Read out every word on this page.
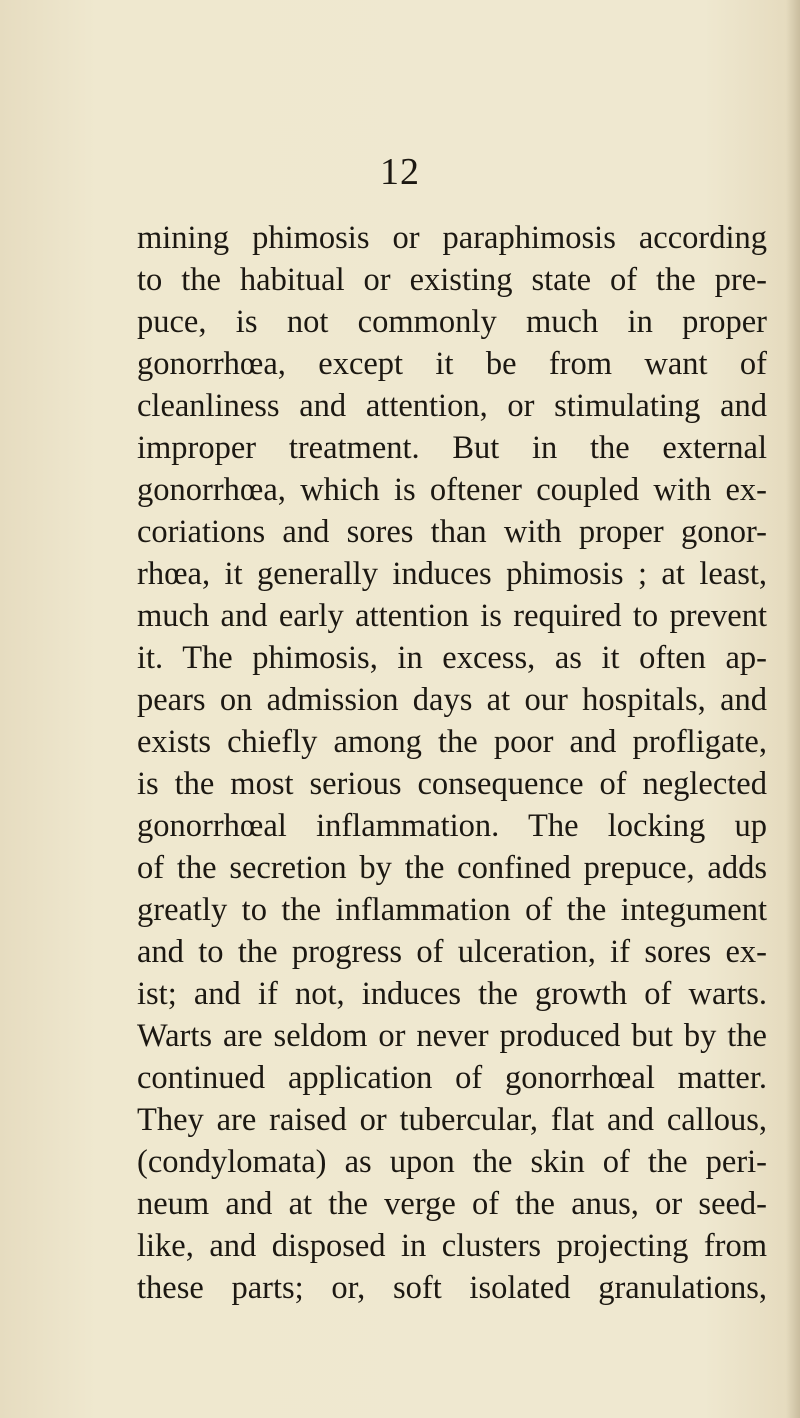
12

mining phimosis or paraphimosis according
to the habitual or existing state of the pre-
puce, is not commonly much in proper
gonorrhœa, except it be from want of
cleanliness and attention, or stimulating and
improper treatment. But in the external
gonorrhœa, which is oftener coupled with ex-
coriations and sores than with proper gonor-
rhœa, it generally induces phimosis ; at least,
much and early attention is required to prevent
it. The phimosis, in excess, as it often ap-
pears on admission days at our hospitals, and
exists chiefly among the poor and profligate,
is the most serious consequence of neglected
gonorrhœal inflammation. The locking up
of the secretion by the confined prepuce, adds
greatly to the inflammation of the integument
and to the progress of ulceration, if sores ex-
ist; and if not, induces the growth of warts.
Warts are seldom or never produced but by the
continued application of gonorrhœal matter.
They are raised or tubercular, flat and callous,
(condylomata) as upon the skin of the peri-
neum and at the verge of the anus, or seed-
like, and disposed in clusters projecting from
these parts; or, soft isolated granulations,
